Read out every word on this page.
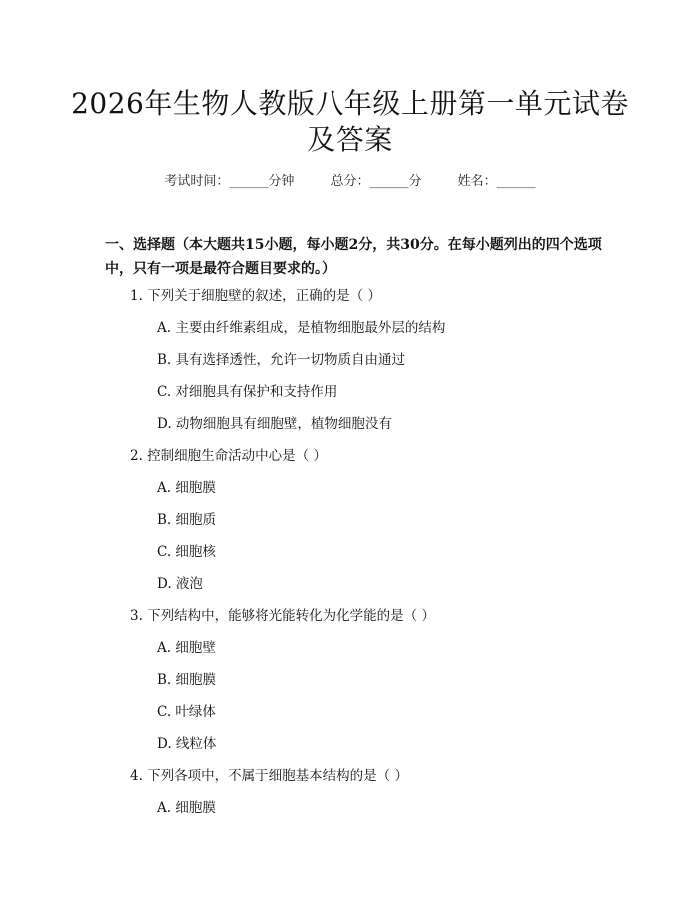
2026年生物人教版八年级上册第一单元试卷
及答案
考试时间：______分钟	总分：______分	姓名：______
一、选择题（本大题共15小题，每小题2分，共30分。在每小题列出的四个选项中，只有一项是最符合题目要求的。）
1. 下列关于细胞壁的叙述，正确的是（ ）
A. 主要由纤维素组成，是植物细胞最外层的结构
B. 具有选择透性，允许一切物质自由通过
C. 对细胞具有保护和支持作用
D. 动物细胞具有细胞壁，植物细胞没有
2. 控制细胞生命活动中心是（ ）
A. 细胞膜
B. 细胞质
C. 细胞核
D. 液泡
3. 下列结构中，能够将光能转化为化学能的是（ ）
A. 细胞壁
B. 细胞膜
C. 叶绿体
D. 线粒体
4. 下列各项中，不属于细胞基本结构的是（ ）
A. 细胞膜
